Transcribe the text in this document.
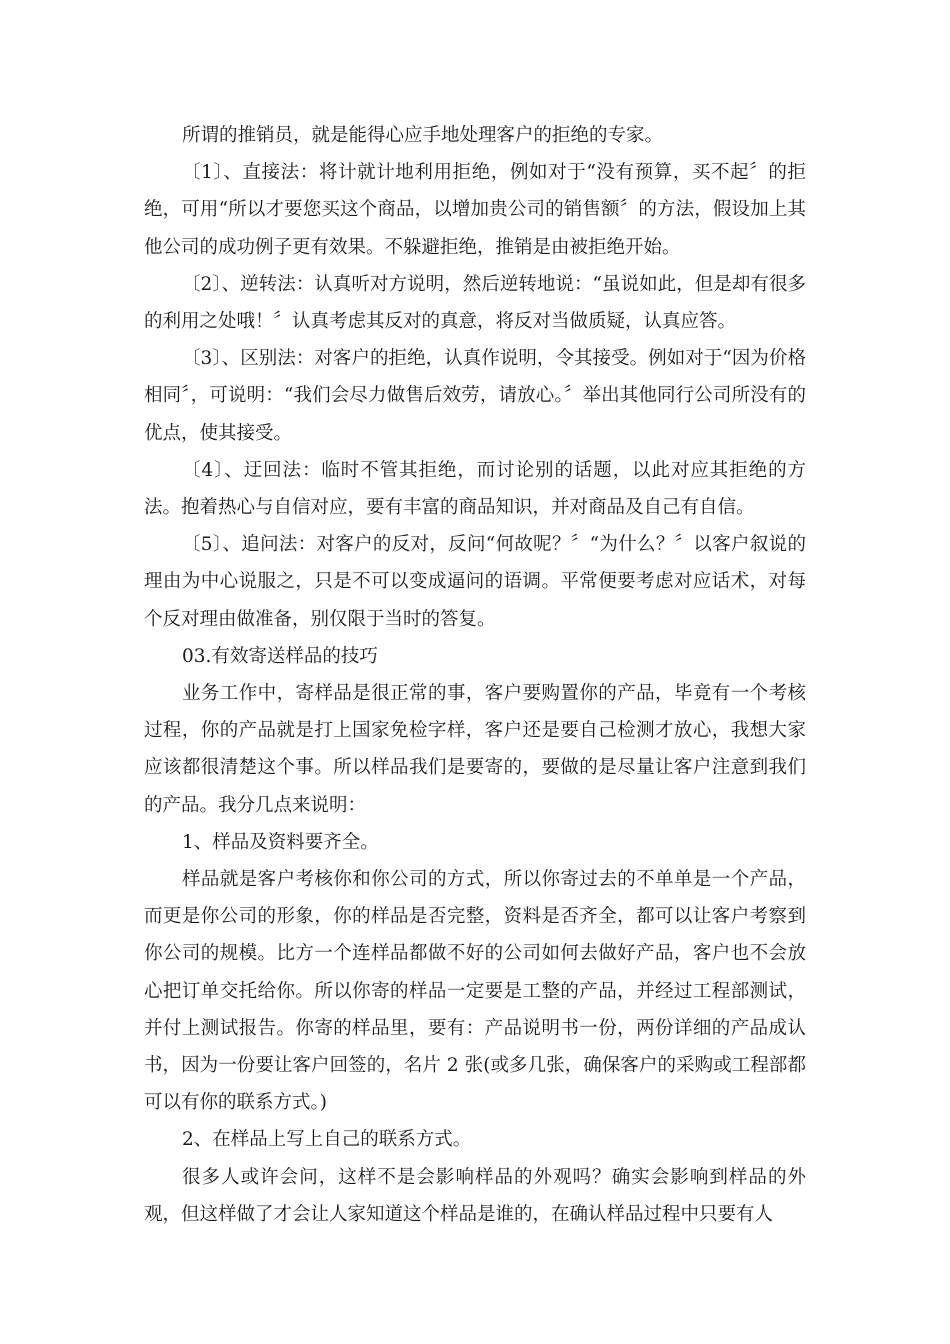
所谓的推销员，就是能得心应手地处理客户的拒绝的专家。

〔1〕、直接法：将计就计地利用拒绝，例如对于“没有预算，买不起〞的拒绝，可用“所以才要您买这个商品，以增加贵公司的销售额〞的方法，假设加上其他公司的成功例子更有效果。不躲避拒绝，推销是由被拒绝开始。

〔2〕、逆转法：认真听对方说明，然后逆转地说：“虽说如此，但是却有很多的利用之处哦！〞认真考虑其反对的真意，将反对当做质疑，认真应答。

〔3〕、区别法：对客户的拒绝，认真作说明，令其接受。例如对于“因为价格相同〞，可说明：“我们会尽力做售后效劳，请放心。〞举出其他同行公司所没有的优点，使其接受。

〔4〕、迂回法：临时不管其拒绝，而讨论别的话题，以此对应其拒绝的方法。抱着热心与自信对应，要有丰富的商品知识，并对商品及自己有自信。

〔5〕、追问法：对客户的反对，反问“何故呢？〞“为什么？〞以客户叙说的理由为中心说服之，只是不可以变成逼问的语调。平常便要考虑对应话术，对每个反对理由做准备，别仅限于当时的答复。

03.有效寄送样品的技巧

业务工作中，寄样品是很正常的事，客户要购置你的产品，毕竟有一个考核过程，你的产品就是打上国家免检字样，客户还是要自己检测才放心，我想大家应该都很清楚这个事。所以样品我们是要寄的，要做的是尽量让客户注意到我们的产品。我分几点来说明：

1、样品及资料要齐全。

样品就是客户考核你和你公司的方式，所以你寄过去的不单单是一个产品，而更是你公司的形象，你的样品是否完整，资料是否齐全，都可以让客户考察到你公司的规模。比方一个连样品都做不好的公司如何去做好产品，客户也不会放心把订单交托给你。所以你寄的样品一定要是工整的产品，并经过工程部测试，并付上测试报告。你寄的样品里，要有：产品说明书一份，两份详细的产品成认书，因为一份要让客户回签的，名片 2 张(或多几张，确保客户的采购或工程部都可以有你的联系方式。)

2、在样品上写上自己的联系方式。

很多人或许会问，这样不是会影响样品的外观吗？确实会影响到样品的外观，但这样做了才会让人家知道这个样品是谁的，在确认样品过程中只要有人
